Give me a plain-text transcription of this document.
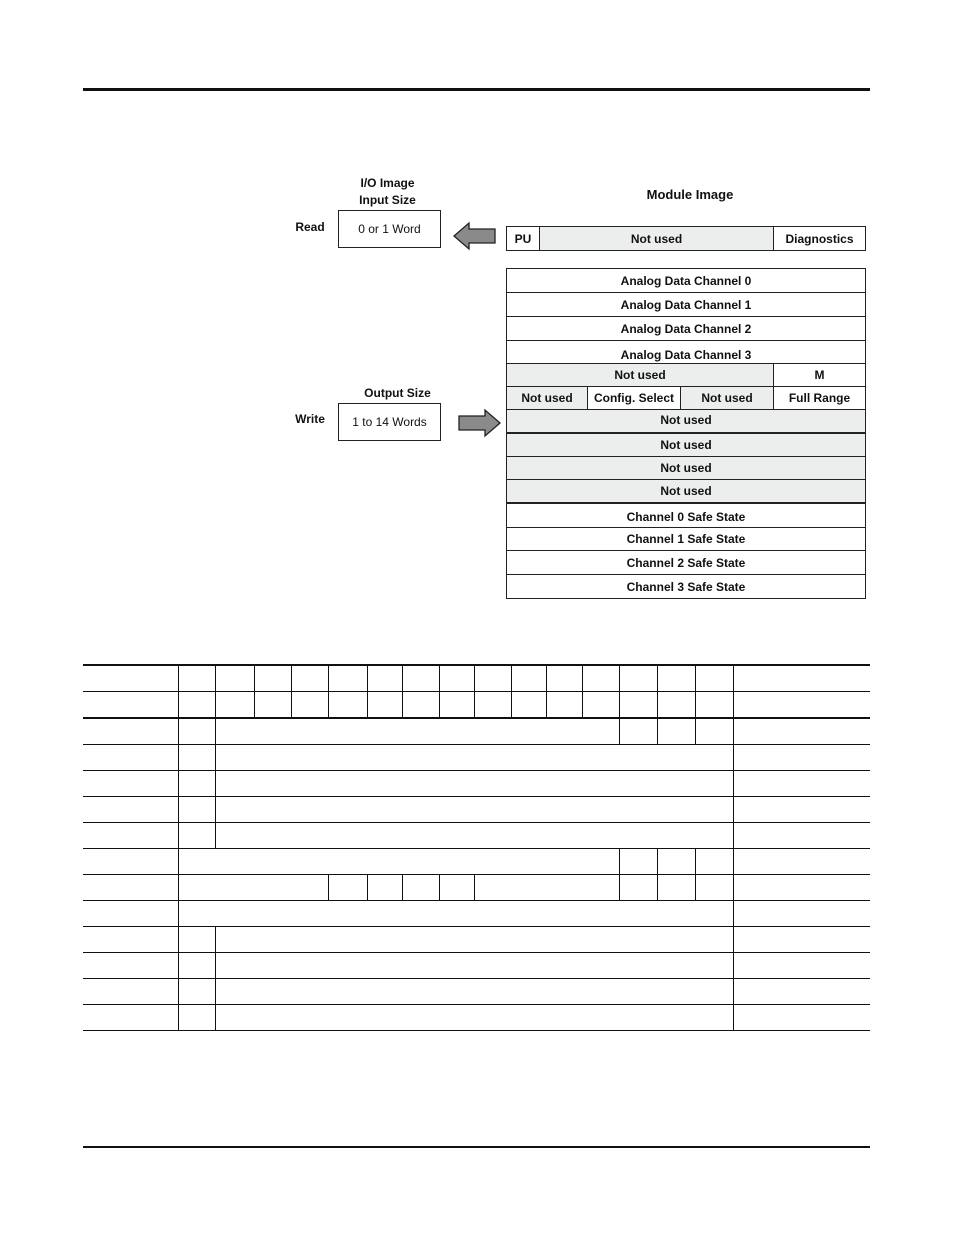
I/O Image
Input Size
Read	0 or 1 Word
Output Size
Write	1 to 14 Words
Module Image
PU	Not used	Diagnostics
Analog Data Channel 0
Analog Data Channel 1
Analog Data Channel 2
Analog Data Channel 3
Not used	M
Not used	Config. Select	Not used	Full Range
Not used
Not used
Not used
Not used
Channel 0 Safe State
Channel 1 Safe State
Channel 2 Safe State
Channel 3 Safe State
